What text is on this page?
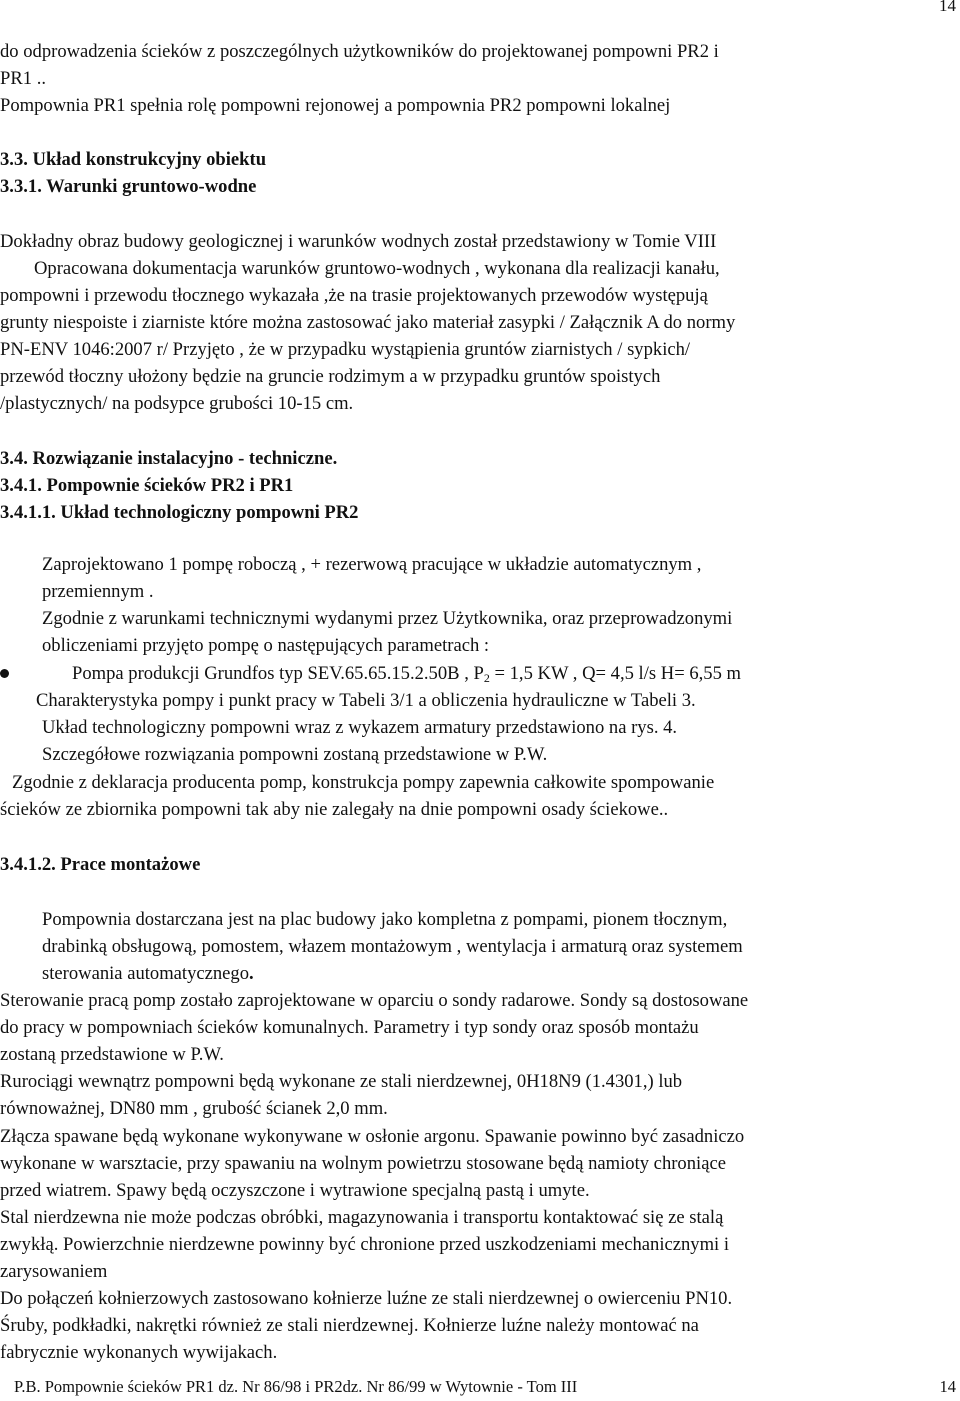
14
do odprowadzenia ścieków z poszczególnych użytkowników do projektowanej pompowni PR2 i
PR1 ..
Pompownia PR1 spełnia rolę pompowni rejonowej a pompownia PR2 pompowni lokalnej
3.3. Układ konstrukcyjny obiektu
3.3.1. Warunki gruntowo-wodne
Dokładny obraz budowy geologicznej i warunków wodnych został przedstawiony w Tomie VIII
Opracowana dokumentacja warunków gruntowo-wodnych , wykonana dla realizacji kanału,
pompowni i przewodu tłocznego wykazała ,że na trasie projektowanych przewodów występują
grunty niespoiste i ziarniste które można zastosować jako materiał zasypki / Załącznik A do normy
PN-ENV 1046:2007 r/ Przyjęto , że w przypadku wystąpienia gruntów ziarnistych / sypkich/
przewód tłoczny ułożony będzie na gruncie rodzimym a w przypadku gruntów spoistych
/plastycznych/ na podsypce grubości 10-15 cm.
3.4. Rozwiązanie instalacyjno - techniczne.
3.4.1. Pompownie ścieków PR2 i PR1
3.4.1.1. Układ technologiczny pompowni PR2
Zaprojektowano 1 pompę roboczą , + rezerwową pracujące w układzie automatycznym ,
przemiennym .
Zgodnie z warunkami technicznymi wydanymi przez Użytkownika, oraz przeprowadzonymi
obliczeniami przyjęto pompę o następujących parametrach :
Pompa produkcji Grundfos typ SEV.65.65.15.2.50B , $P_2 = 1,5$ KW , Q= 4,5 l/s H= 6,55 m
Charakterystyka pompy i punkt pracy w Tabeli 3/1 a obliczenia hydrauliczne w Tabeli 3.
Układ technologiczny pompowni wraz z wykazem armatury przedstawiono na rys. 4.
Szczegółowe rozwiązania pompowni zostaną przedstawione w P.W.
Zgodnie z deklaracja producenta pomp, konstrukcja pompy zapewnia całkowite spompowanie
ścieków ze zbiornika pompowni tak aby nie zalegały na dnie pompowni osady ściekowe..
3.4.1.2. Prace montażowe
Pompownia dostarczana jest na plac budowy jako kompletna z pompami, pionem tłocznym,
drabinką obsługową, pomostem, włazem montażowym , wentylacja i armaturą oraz systemem
sterowania automatycznego.
Sterowanie pracą pomp zostało zaprojektowane w oparciu o sondy radarowe. Sondy są dostosowane
do pracy w pompowniach ścieków komunalnych. Parametry i typ sondy oraz sposób montażu
zostaną przedstawione w P.W.
Rurociągi wewnątrz pompowni będą wykonane ze stali nierdzewnej, 0H18N9 (1.4301,) lub
równoważnej, DN80 mm , grubość ścianek 2,0 mm.
Złącza spawane będą wykonane wykonywane w osłonie argonu. Spawanie powinno być zasadniczo
wykonane w warsztacie, przy spawaniu na wolnym powietrzu stosowane będą namioty chroniące
przed wiatrem. Spawy będą oczyszczone i wytrawione specjalną pastą i umyte.
Stal nierdzewna nie może podczas obróbki, magazynowania i transportu kontaktować się ze stalą
zwykłą. Powierzchnie nierdzewne powinny być chronione przed uszkodzeniami mechanicznymi i
zarysowaniem
Do połączeń kołnierzowych zastosowano kołnierze luźne ze stali nierdzewnej o owierceniu PN10.
Śruby, podkładki, nakrętki również ze stali nierdzewnej. Kołnierze luźne należy montować na
fabrycznie wykonanych wywijakach.
P.B. Pompownie ścieków PR1 dz. Nr 86/98 i PR2dz. Nr 86/99 w Wytownie - Tom III	14
